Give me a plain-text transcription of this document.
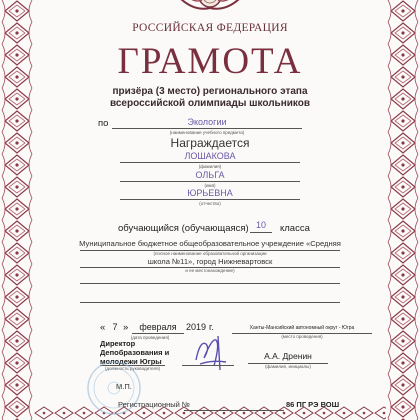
РОССИЙСКАЯ ФЕДЕРАЦИЯ
ГРАМОТА
призёра (3 место) регионального этапа
всероссийской олимпиады школьников
по	Экологии
(наименование учебного предмета)
Награждается
ЛОШАКОВА
(фамилия)
ОЛЬГА
(имя)
ЮРЬЕВНА
(отчество)
обучающийся (обучающаяся) 10	класса
Муниципальное бюджетное общеобразовательное учреждение «Средняя
(полное наименование образовательной организации
школа №11», город Нижневартовск
и ее местонахождение)
« 7 »	февраля	2019 г.
(дата проведения)
Ханты-Мансийский автономный округ - Югра
(место проведения)
Директор
Депобразования и
молодежи Югры
(должность руководителя)
А.А. Дренин
(фамилия, инициалы)
М.П.
Регистрационный №	86 ПГ РЭ ВОШ
